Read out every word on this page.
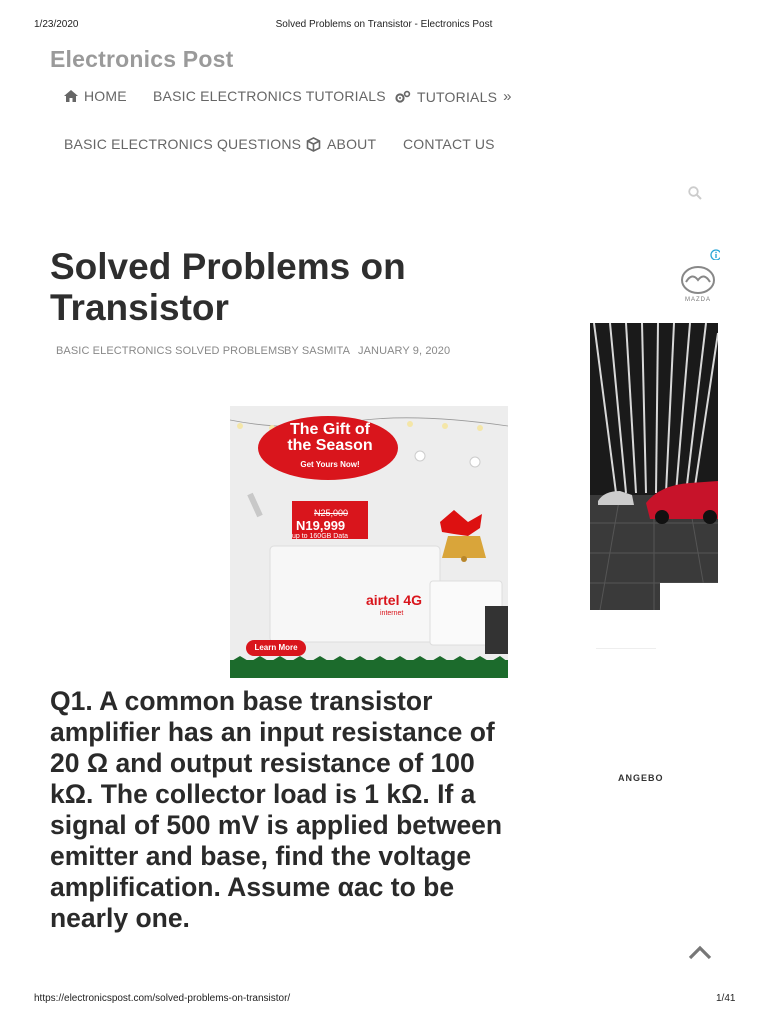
1/23/2020	Solved Problems on Transistor - Electronics Post
Electronics Post
HOME BASIC ELECTRONICS TUTORIALS TUTORIALS »
BASIC ELECTRONICS QUESTIONS ABOUT CONTACT US
Solved Problems on Transistor
BASIC ELECTRONICS SOLVED PROBLEMS BY SASMITA JANUARY 9, 2020
The Gift of
the Season
Get Yours Now!
N25,000
N19,999
up to 160GB Data
airtel 4G
internet
Learn More
MAZDA
ANGEBO
Q1. A common base transistor amplifier has an input resistance of 20 Ω and output resistance of 100 kΩ. The collector load is 1 kΩ. If a signal of 500 mV is applied between emitter and base, find the voltage amplification. Assume αac to be nearly one.
https://electronicspost.com/solved-problems-on-transistor/	1/41
